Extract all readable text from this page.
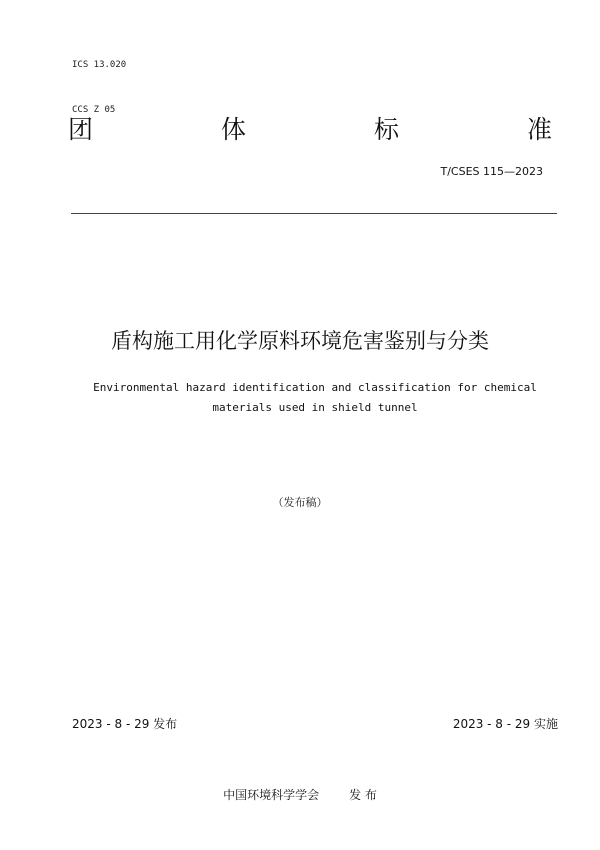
ICS 13.020

CCS Z 05

团	体	标	准
T/CSES 115—2023
盾构施工用化学原料环境危害鉴别与分类
Environmental hazard identification and classification for chemical
materials used in shield tunnel
（发布稿）
2023 - 8 - 29 发布	2023 - 8 - 29 实施
中国环境科学学会	发 布
